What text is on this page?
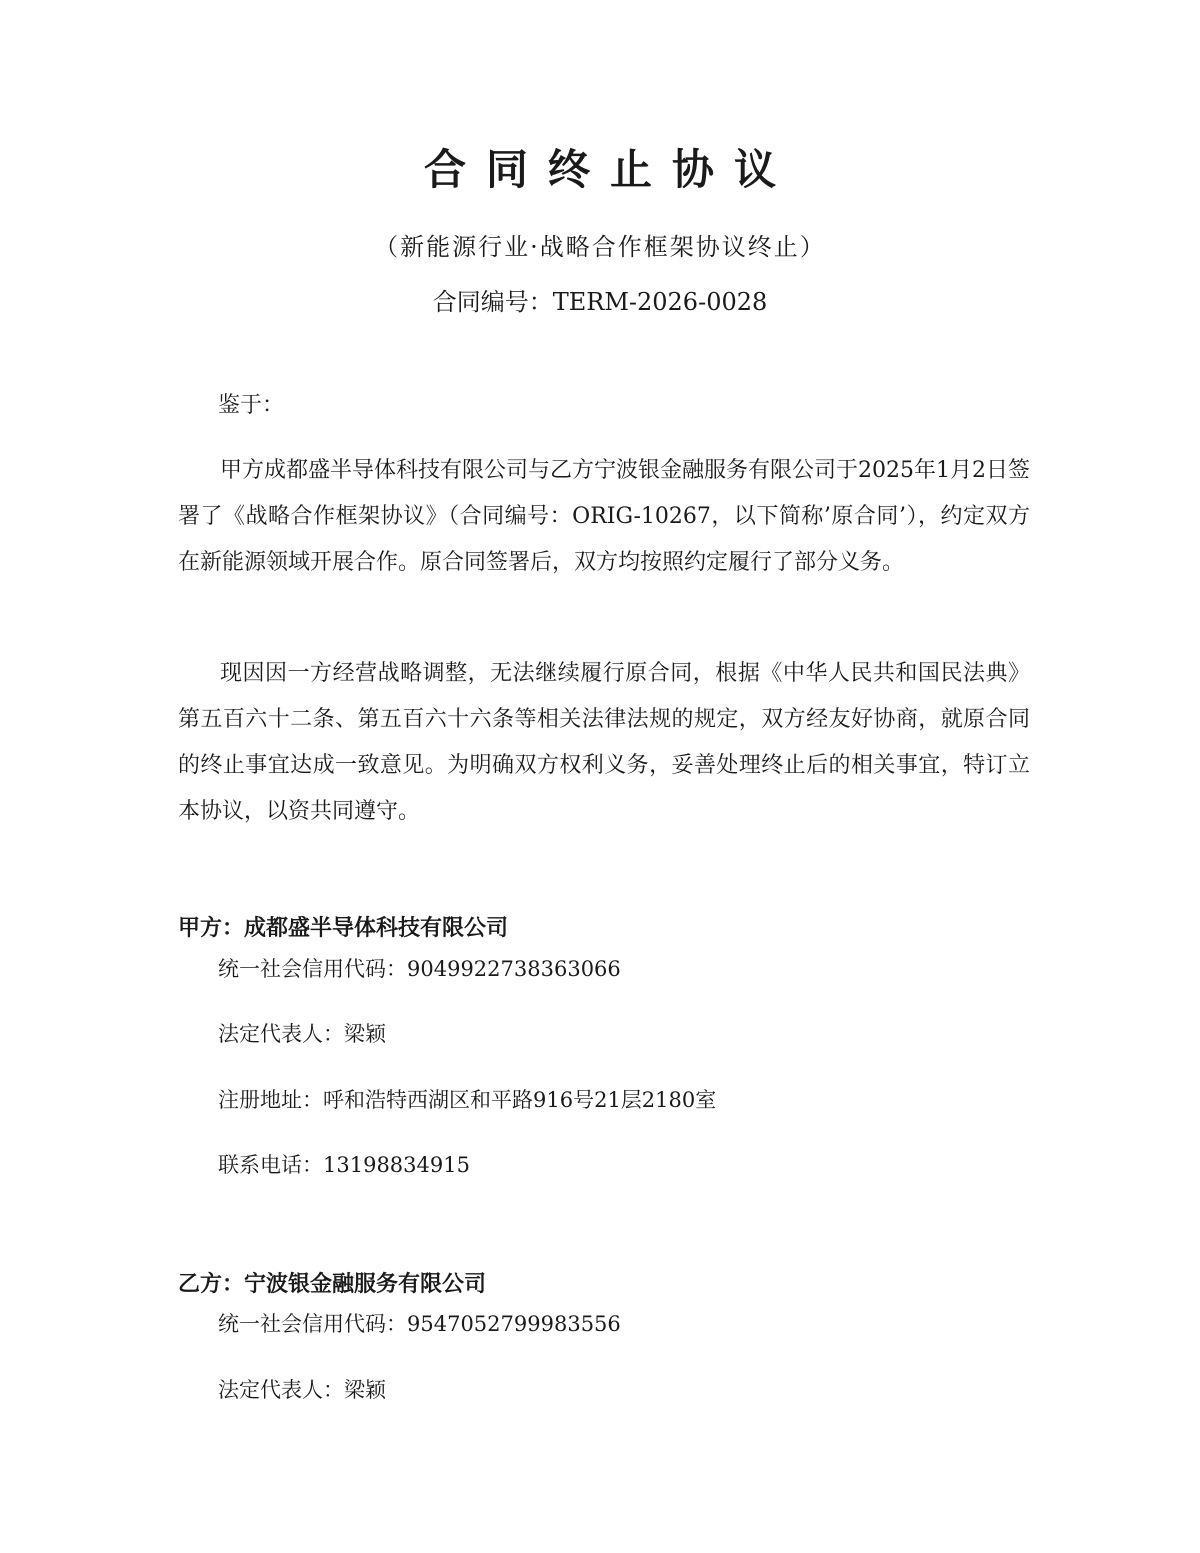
合同终止协议
（新能源行业·战略合作框架协议终止）
合同编号：TERM-2026-0028
鉴于：

甲方成都盛半导体科技有限公司与乙方宁波银金融服务有限公司于2025年1月2日签署了《战略合作框架协议》（合同编号：ORIG-10267，以下简称’原合同’），约定双方在新能源领域开展合作。原合同签署后，双方均按照约定履行了部分义务。

现因因一方经营战略调整，无法继续履行原合同，根据《中华人民共和国民法典》第五百六十二条、第五百六十六条等相关法律法规的规定，双方经友好协商，就原合同的终止事宜达成一致意见。为明确双方权利义务，妥善处理终止后的相关事宜，特订立本协议，以资共同遵守。

甲方：成都盛半导体科技有限公司
统一社会信用代码：9049922738363066
法定代表人：梁颖
注册地址：呼和浩特西湖区和平路916号21层2180室
联系电话：13198834915
乙方：宁波银金融服务有限公司
统一社会信用代码：9547052799983556
法定代表人：梁颖
